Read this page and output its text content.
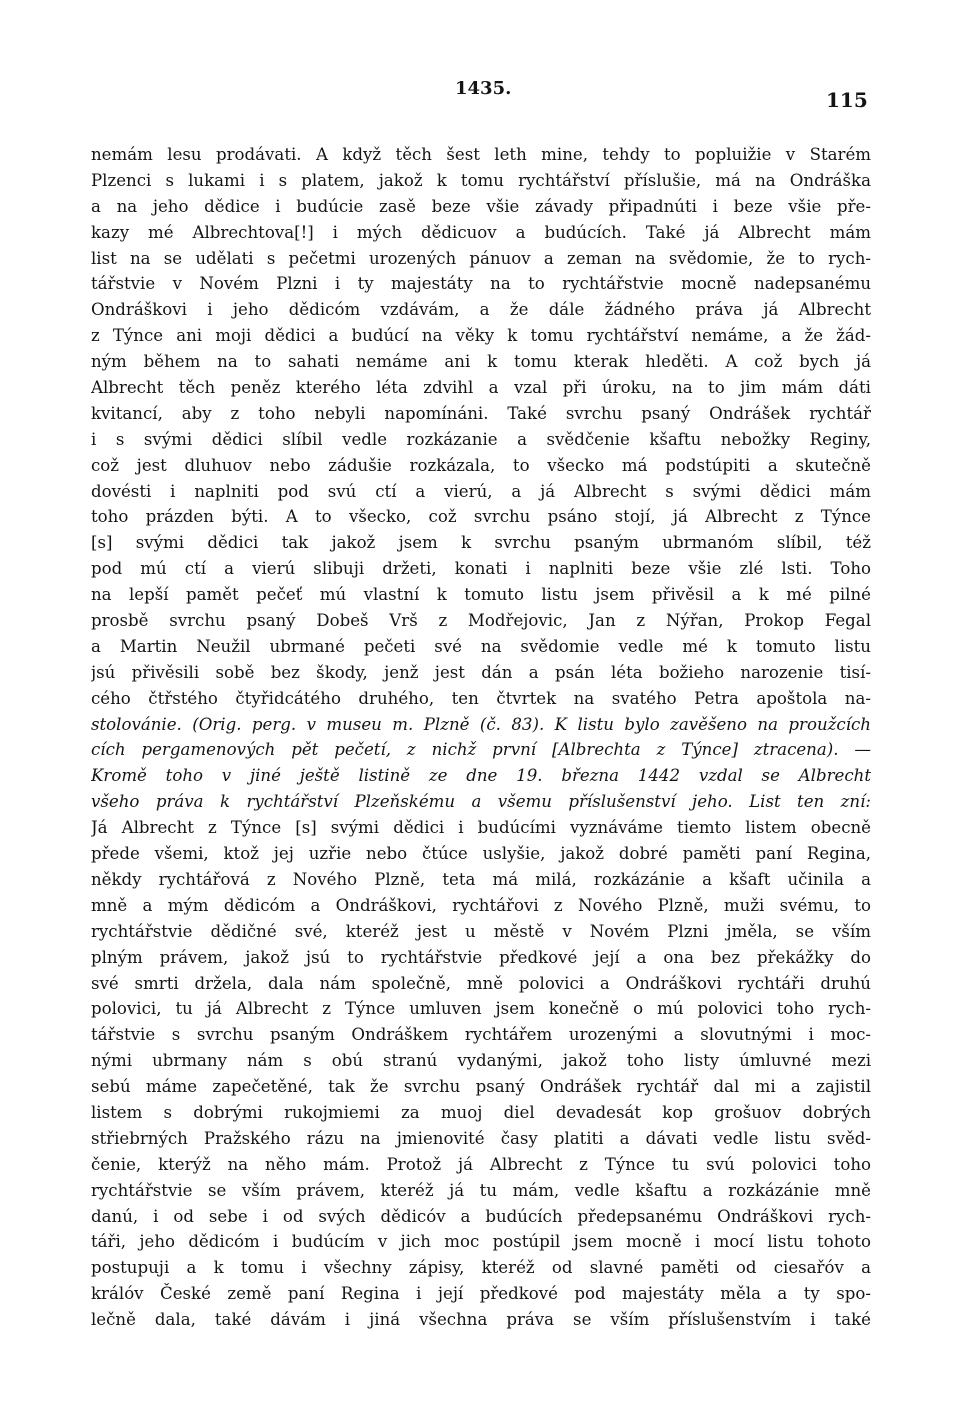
1435.	115
nemám lesu prodávati. A když těch šest leth mine, tehdy to popluižie v Starém
Plzenci s lukami i s platem, jakož k tomu rychtářství příslušie, má na Ondráška
a na jeho dědice i budúcie zasě beze všie závady připadnúti i beze všie pře-
kazy mé Albrechtova[!] i mých dědicuov a budúcích. Také já Albrecht mám
list na se udělati s pečetmi urozených pánuov a zeman na svědomie, že to rych-
tářstvie v Novém Plzni i ty majestáty na to rychtářstvie mocně nadepsanému
Ondráškovi i jeho dědicóm vzdávám, a že dále žádného práva já Albrecht
z Týnce ani moji dědici a budúcí na věky k tomu rychtářství nemáme, a že žád-
ným během na to sahati nemáme ani k tomu kterak hleděti. A což bych já
Albrecht těch peněz kterého léta zdvihl a vzal při úroku, na to jim mám dáti
kvitancí, aby z toho nebyli napomínáni. Také svrchu psaný Ondrášek rychtář
i s svými dědici slíbil vedle rozkázanie a svědčenie kšaftu nebožky Reginy,
což jest dluhuov nebo zádušie rozkázala, to všecko má podstúpiti a skutečně
dovésti i naplniti pod svú ctí a vierú, a já Albrecht s svými dědici mám
toho prázden býti. A to všecko, což svrchu psáno stojí, já Albrecht z Týnce
[s] svými dědici tak jakož jsem k svrchu psaným ubrmanóm slíbil, též
pod mú ctí a vierú slibuji držeti, konati i naplniti beze všie zlé lsti. Toho
na lepší pamět pečeť mú vlastní k tomuto listu jsem přivěsil a k mé pilné
prosbě svrchu psaný Dobeš Vrš z Modřejovic, Jan z Nýřan, Prokop Fegal
a Martin Neužil ubrmané pečeti své na svědomie vedle mé k tomuto listu
jsú přivěsili sobě bez škody, jenž jest dán a psán léta božieho narozenie tisí-
cého čtřstého čtyřidcátého druhého, ten čtvrtek na svatého Petra apoštola na-
stolovánie. (Orig. perg. v museu m. Plzně (č. 83). K listu bylo zavěšeno na proužcích
cích pergamenových pět pečetí, z nichž první [Albrechta z Týnce] ztracena). —
Kromě toho v jiné ještě listině ze dne 19. března 1442 vzdal se Albrecht
všeho práva k rychtářství Plzeňskému a všemu příslušenství jeho. List ten zní:
Já Albrecht z Týnce [s] svými dědici i budúcími vyznáváme tiemto listem obecně
přede všemi, ktož jej uzřie nebo čtúce uslyšie, jakož dobré paměti paní Regina,
někdy rychtářová z Nového Plzně, teta má milá, rozkázánie a kšaft učinila a
mně a mým dědicóm a Ondráškovi, rychtářovi z Nového Plzně, muži svému, to
rychtářstvie dědičné své, kteréž jest u městě v Novém Plzni jměla, se vším
plným právem, jakož jsú to rychtářstvie předkové její a ona bez překážky do
své smrti držela, dala nám společně, mně polovici a Ondráškovi rychtáři druhú
polovici, tu já Albrecht z Týnce umluven jsem konečně o mú polovici toho rych-
tářstvie s svrchu psaným Ondráškem rychtářem urozenými a slovutnými i moc-
nými ubrmany nám s obú stranú vydanými, jakož toho listy úmluvné mezi
sebú máme zapečetěné, tak že svrchu psaný Ondrášek rychtář dal mi a zajistil
listem s dobrými rukojmiemi za muoj diel devadesát kop grošuov dobrých
střiebrných Pražského rázu na jmienovité časy platiti a dávati vedle listu svěd-
čenie, kterýž na něho mám. Protož já Albrecht z Týnce tu svú polovici toho
rychtářstvie se vším právem, kteréž já tu mám, vedle kšaftu a rozkázánie mně
danú, i od sebe i od svých dědicóv a budúcích předepsanému Ondráškovi rych-
táři, jeho dědicóm i budúcím v jich moc postúpil jsem mocně i mocí listu tohoto
postupuji a k tomu i všechny zápisy, kteréž od slavné paměti od ciesařóv a
králóv České země paní Regina i její předkové pod majestáty měla a ty spo-
lečně dala, také dávám i jiná všechna práva se vším příslušenstvím i také
